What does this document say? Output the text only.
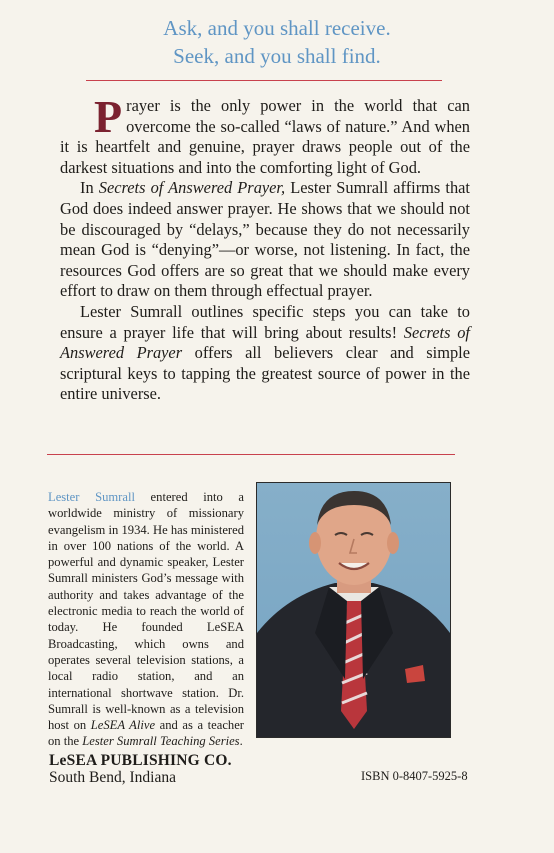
Ask, and you shall receive.
Seek, and you shall find.

Prayer is the only power in the world that can overcome the so-called “laws of nature.” And when it is heartfelt and genuine, prayer draws people out of the darkest situations and into the comforting light of God.

In Secrets of Answered Prayer, Lester Sumrall affirms that God does indeed answer prayer. He shows that we should not be discouraged by “delays,” because they do not necessarily mean God is “denying”—or worse, not listening. In fact, the resources God offers are so great that we should make every effort to draw on them through effectual prayer.

Lester Sumrall outlines specific steps you can take to ensure a prayer life that will bring about results! Secrets of Answered Prayer offers all believers clear and simple scriptural keys to tapping the greatest source of power in the entire universe.

Lester Sumrall entered into a worldwide ministry of missionary evangelism in 1934. He has ministered in over 100 nations of the world. A powerful and dynamic speaker, Lester Sumrall ministers God’s message with authority and takes advantage of the electronic media to reach the world of today. He founded LeSEA Broadcasting, which owns and operates several television stations, a local radio station, and an international shortwave station. Dr. Sumrall is well-known as a television host on LeSEA Alive and as a teacher on the Lester Sumrall Teaching Series.
LeSEA PUBLISHING CO.
South Bend, Indiana	ISBN 0-8407-5925-8
